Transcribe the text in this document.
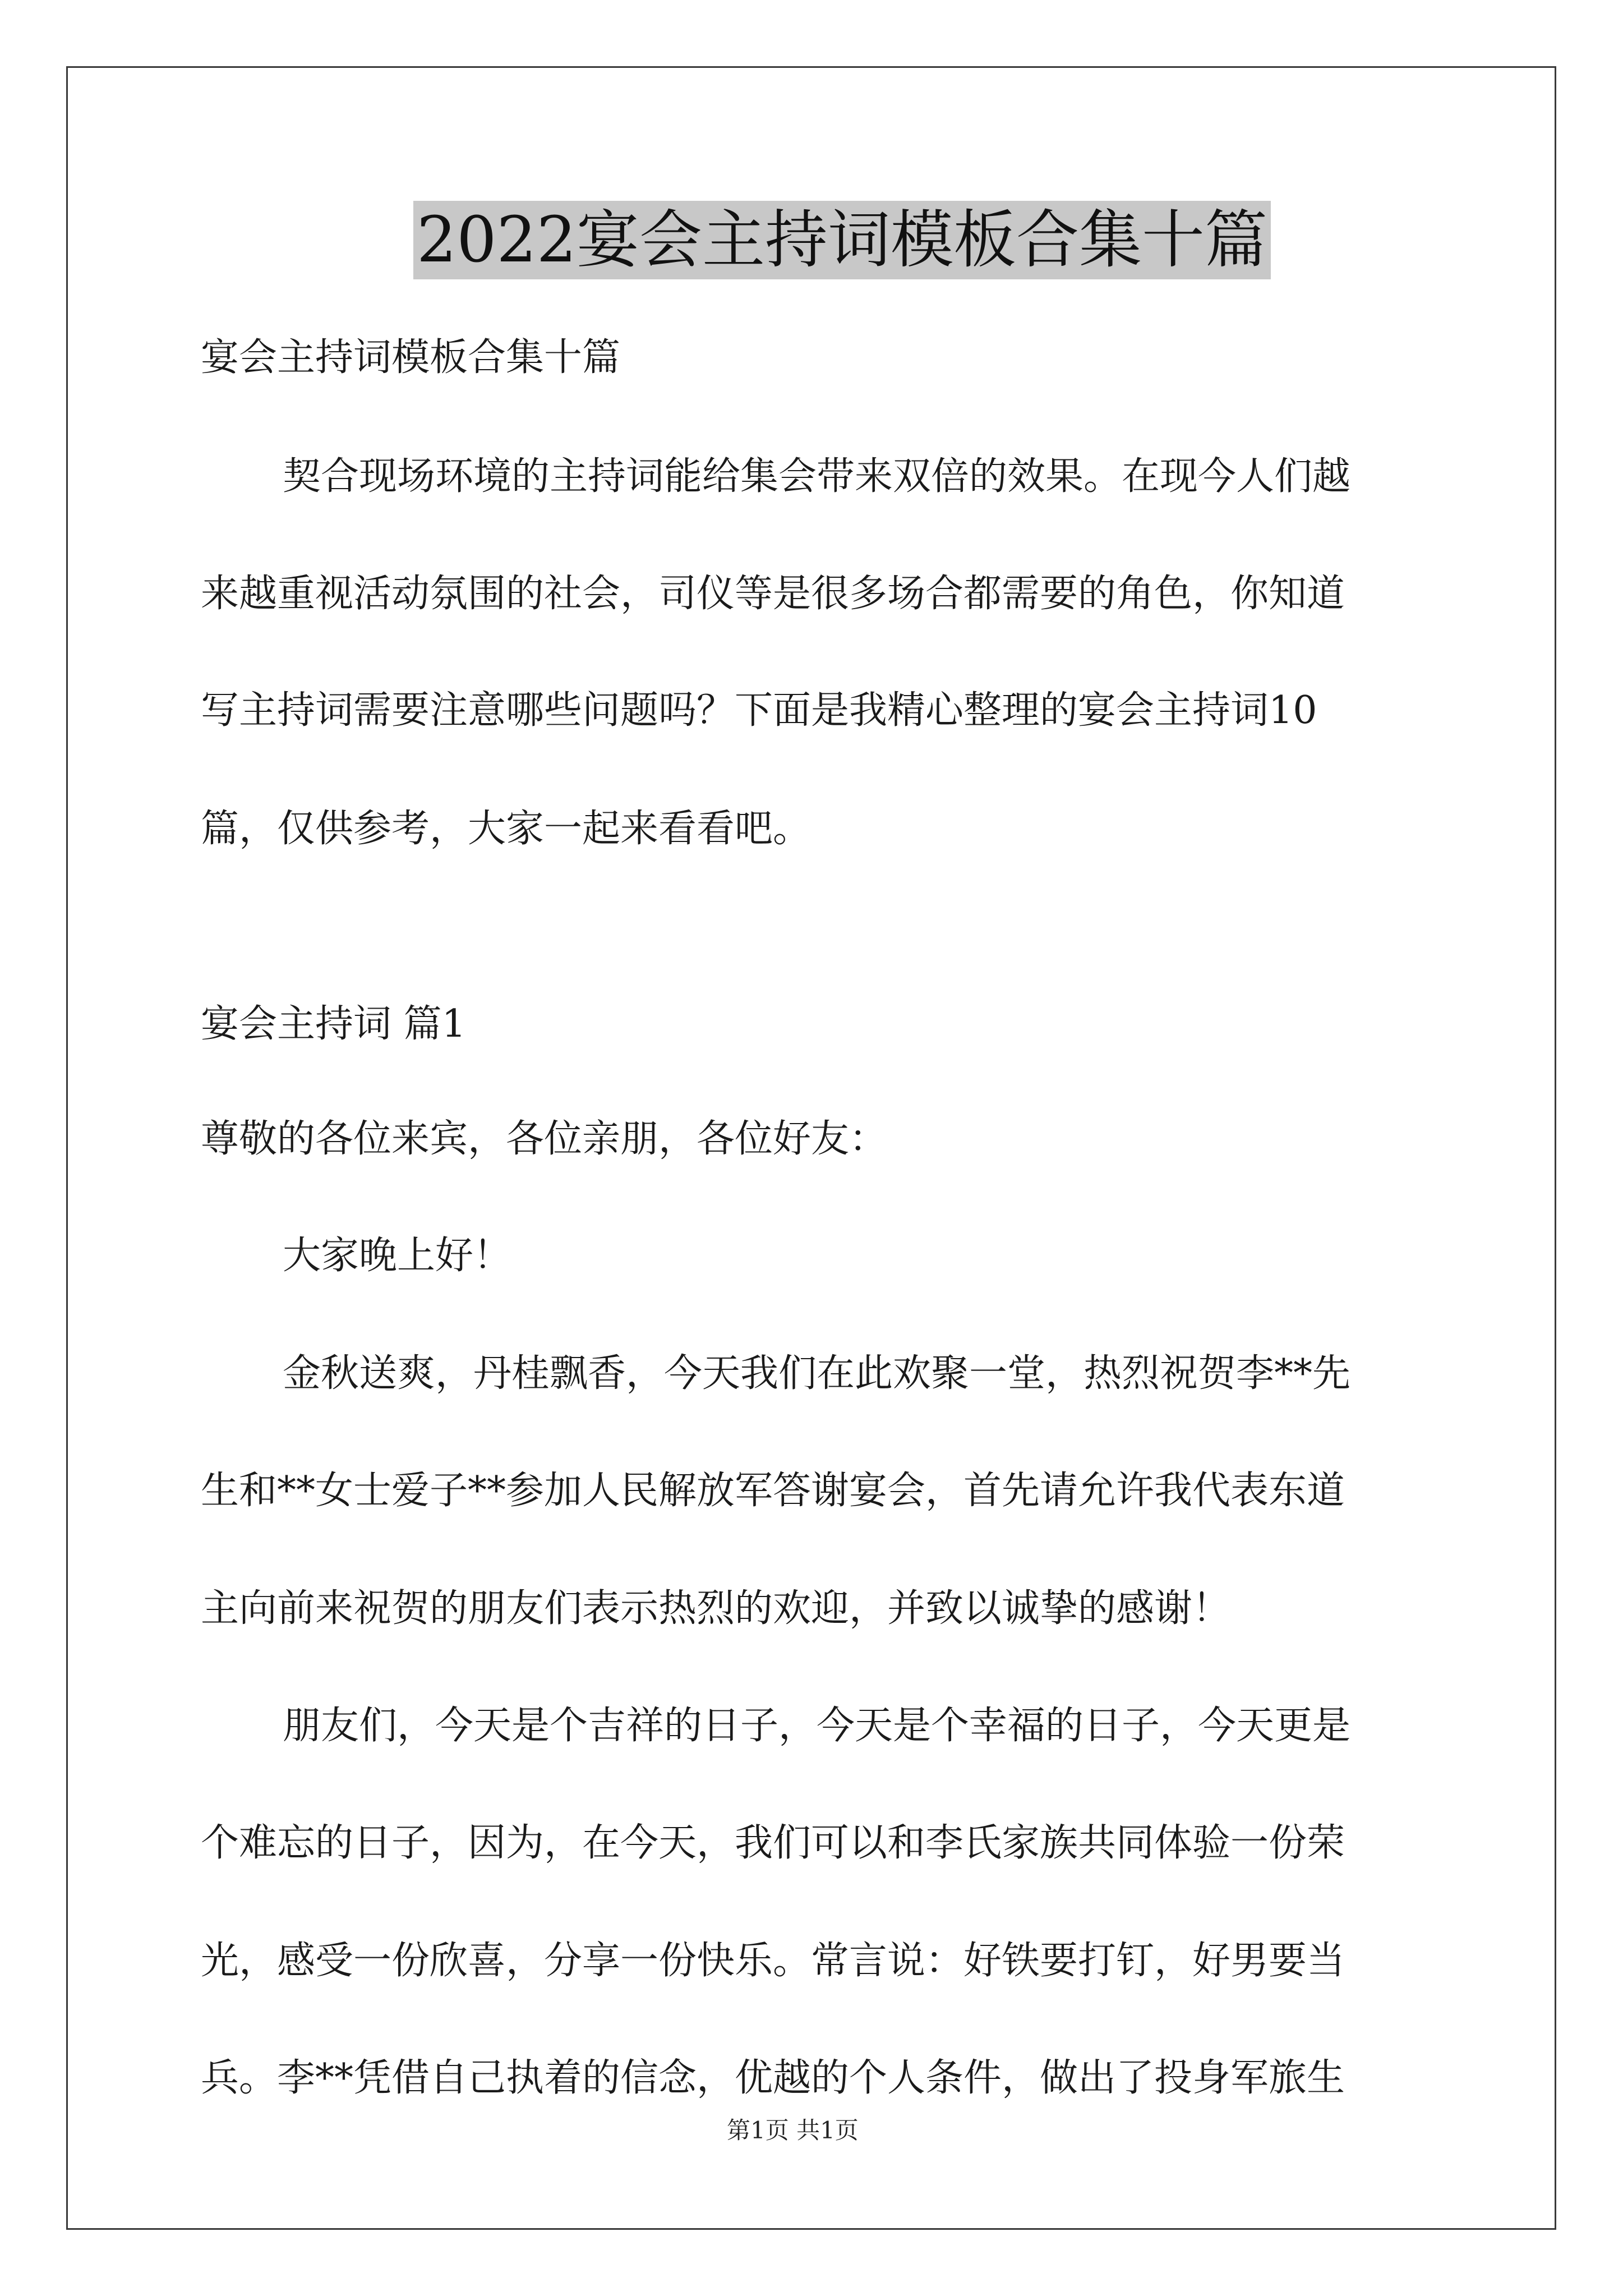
2022宴会主持词模板合集十篇
宴会主持词模板合集十篇
契合现场环境的主持词能给集会带来双倍的效果。在现今人们越
来越重视活动氛围的社会，司仪等是很多场合都需要的角色，你知道
写主持词需要注意哪些问题吗？下面是我精心整理的宴会主持词10
篇，仅供参考，大家一起来看看吧。
宴会主持词 篇1
尊敬的各位来宾，各位亲朋，各位好友：
大家晚上好！
金秋送爽，丹桂飘香，今天我们在此欢聚一堂，热烈祝贺李**先
生和**女士爱子**参加人民解放军答谢宴会，首先请允许我代表东道
主向前来祝贺的朋友们表示热烈的欢迎，并致以诚挚的感谢！
朋友们，今天是个吉祥的日子，今天是个幸福的日子，今天更是
个难忘的日子，因为，在今天，我们可以和李氏家族共同体验一份荣
光，感受一份欣喜，分享一份快乐。常言说：好铁要打钉，好男要当
兵。李**凭借自己执着的信念，优越的个人条件，做出了投身军旅生
第1页 共1页
